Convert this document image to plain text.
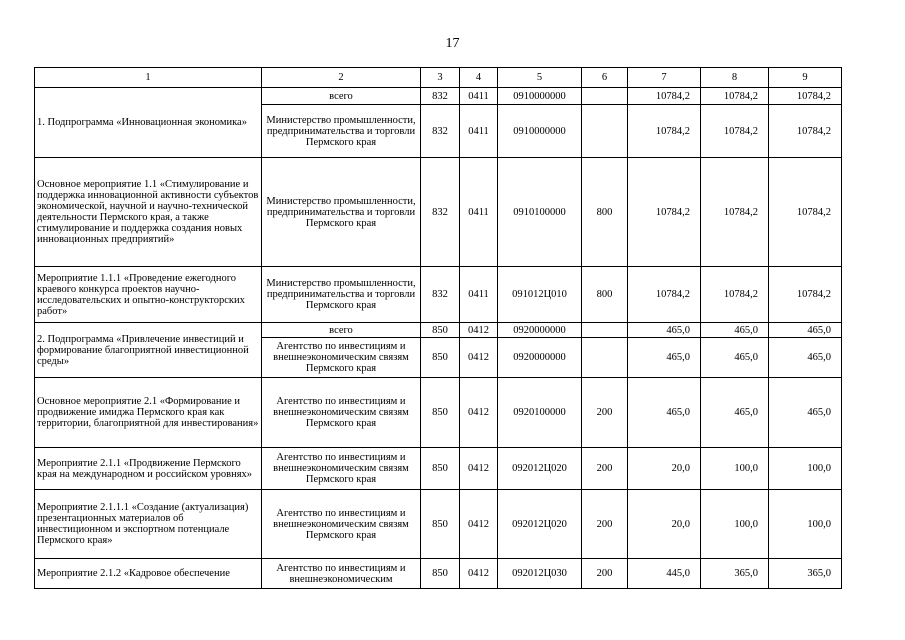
17
1	2	3	4	5	6	7	8	9
1. Подпрограмма «Инновационная экономика»	всего	832	0411	0910000000		10784,2	10784,2	10784,2
	Министерство промышленности, предпринимательства и торговли Пермского края	832	0411	0910000000		10784,2	10784,2	10784,2
Основное мероприятие 1.1 «Стимулирование и поддержка инновационной активности субъектов экономической, научной и научно-технической деятельности Пермского края, а также стимулирование и поддержка создания новых инновационных предприятий»	Министерство промышленности, предпринимательства и торговли Пермского края	832	0411	0910100000	800	10784,2	10784,2	10784,2
Мероприятие 1.1.1 «Проведение ежегодного краевого конкурса проектов научно-исследовательских и опытно-конструкторских работ»	Министерство промышленности, предпринимательства и торговли Пермского края	832	0411	091012Ц010	800	10784,2	10784,2	10784,2
2. Подпрограмма «Привлечение инвестиций и формирование благоприятной инвестиционной среды»	всего	850	0412	0920000000		465,0	465,0	465,0
	Агентство по инвестициям и внешнеэкономическим связям Пермского края	850	0412	0920000000		465,0	465,0	465,0
Основное мероприятие 2.1 «Формирование и продвижение имиджа Пермского края как территории, благоприятной для инвестирования»	Агентство по инвестициям и внешнеэкономическим связям Пермского края	850	0412	0920100000	200	465,0	465,0	465,0
Мероприятие 2.1.1 «Продвижение Пермского края на международном и российском уровнях»	Агентство по инвестициям и внешнеэкономическим связям Пермского края	850	0412	092012Ц020	200	20,0	100,0	100,0
Мероприятие 2.1.1.1 «Создание (актуализация) презентационных материалов об инвестиционном и экспортном потенциале Пермского края»	Агентство по инвестициям и внешнеэкономическим связям Пермского края	850	0412	092012Ц020	200	20,0	100,0	100,0
Мероприятие 2.1.2 «Кадровое обеспечение	Агентство по инвестициям и внешнеэкономическим	850	0412	092012Ц030	200	445,0	365,0	365,0
